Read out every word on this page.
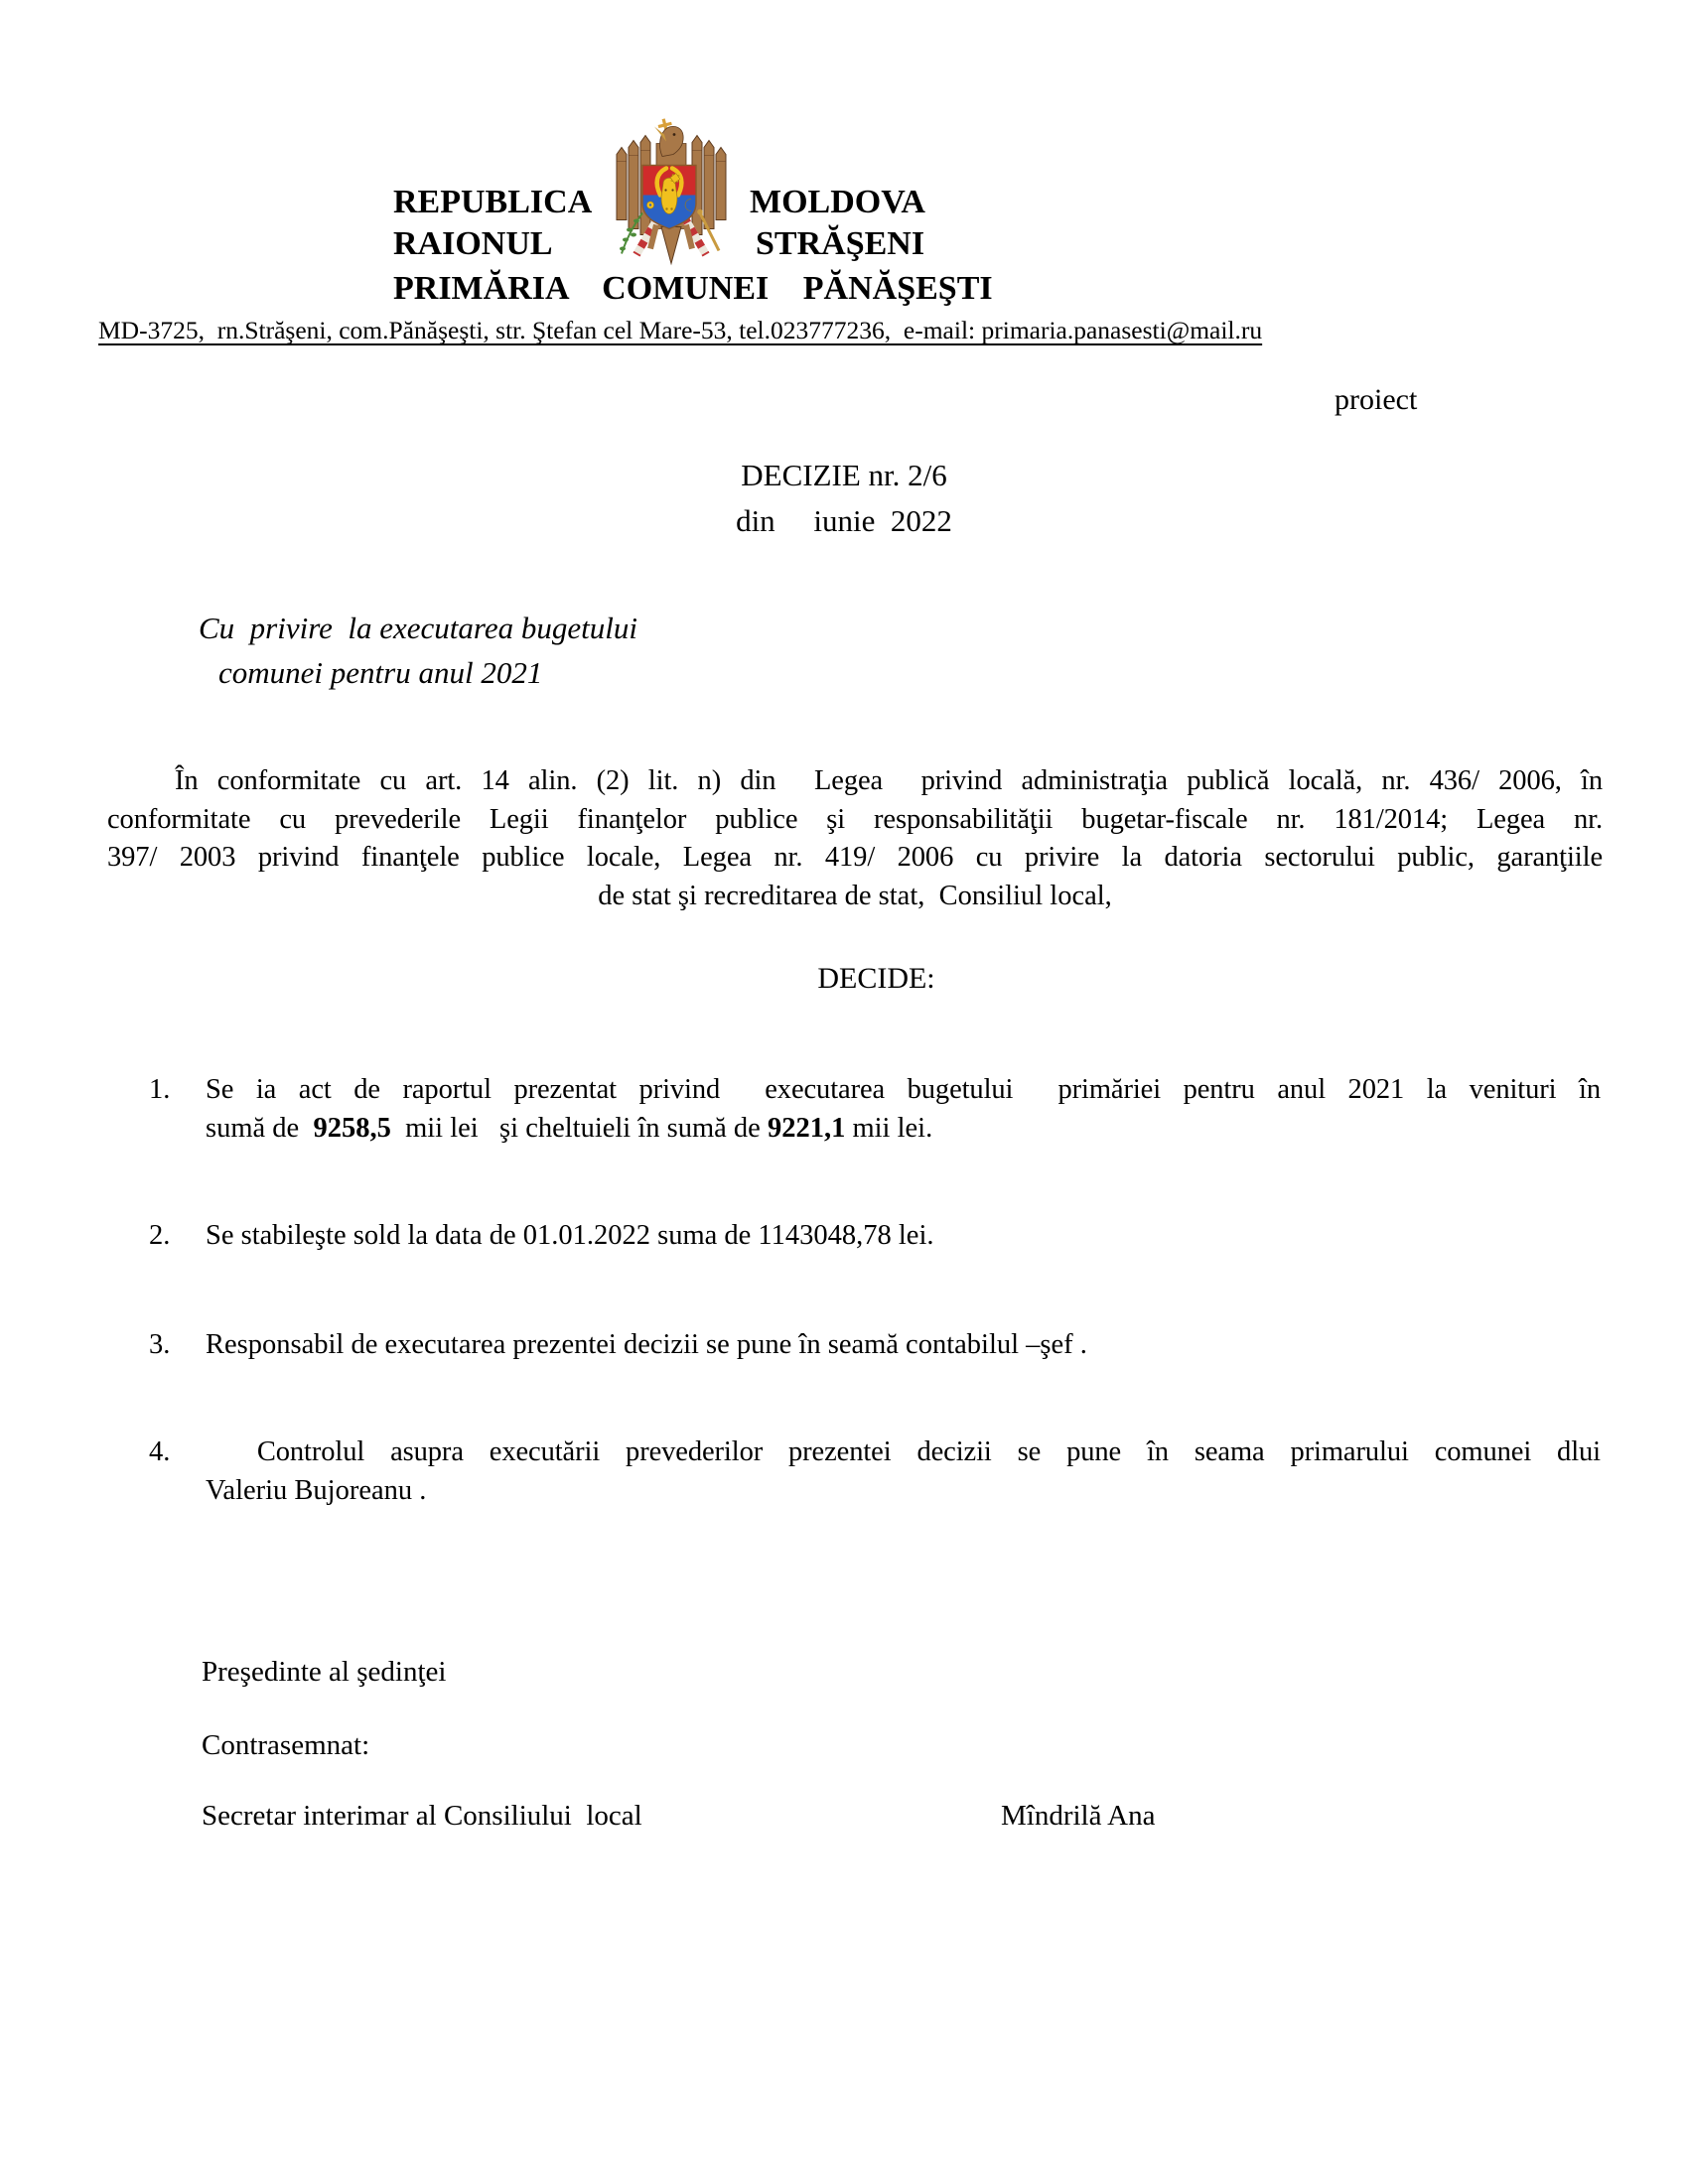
REPUBLICA	MOLDOVA
RAIONUL	STRĂŞENI
PRIMĂRIA COMUNEI PĂNĂŞEŞTI
MD-3725,  rn.Străşeni, com.Pănăşeşti, str. Ştefan cel Mare-53, tel.023777236,  e-mail: primaria.panasesti@mail.ru
proiect
DECIZIE nr. 2/6
din     iunie  2022
Cu  privire  la executarea bugetului
comunei pentru anul 2021
În conformitate cu art. 14 alin. (2) lit. n) din  Legea  privind administraţia publică locală, nr. 436/ 2006, în
conformitate cu prevederile Legii finanţelor publice şi responsabilităţii bugetar-fiscale nr. 181/2014; Legea nr.
397/ 2003 privind finanţele publice locale, Legea nr. 419/ 2006 cu privire la datoria sectorului public, garanţiile
de stat şi recreditarea de stat,  Consiliul local,
DECIDE:
1. Se ia act de raportul prezentat privind  executarea bugetului  primăriei pentru anul 2021 la venituri în
sumă de  9258,5  mii lei   şi cheltuieli în sumă de 9221,1 mii lei.
2. Se stabileşte sold la data de 01.01.2022 suma de 1143048,78 lei.
3. Responsabil de executarea prezentei decizii se pune în seamă contabilul –şef .
4. Controlul asupra executării prevederilor prezentei decizii se pune în seama primarului comunei dlui
Valeriu Bujoreanu .
Preşedinte al şedinţei
Contrasemnat:
Secretar interimar al Consiliului  local	Mîndrilă Ana
